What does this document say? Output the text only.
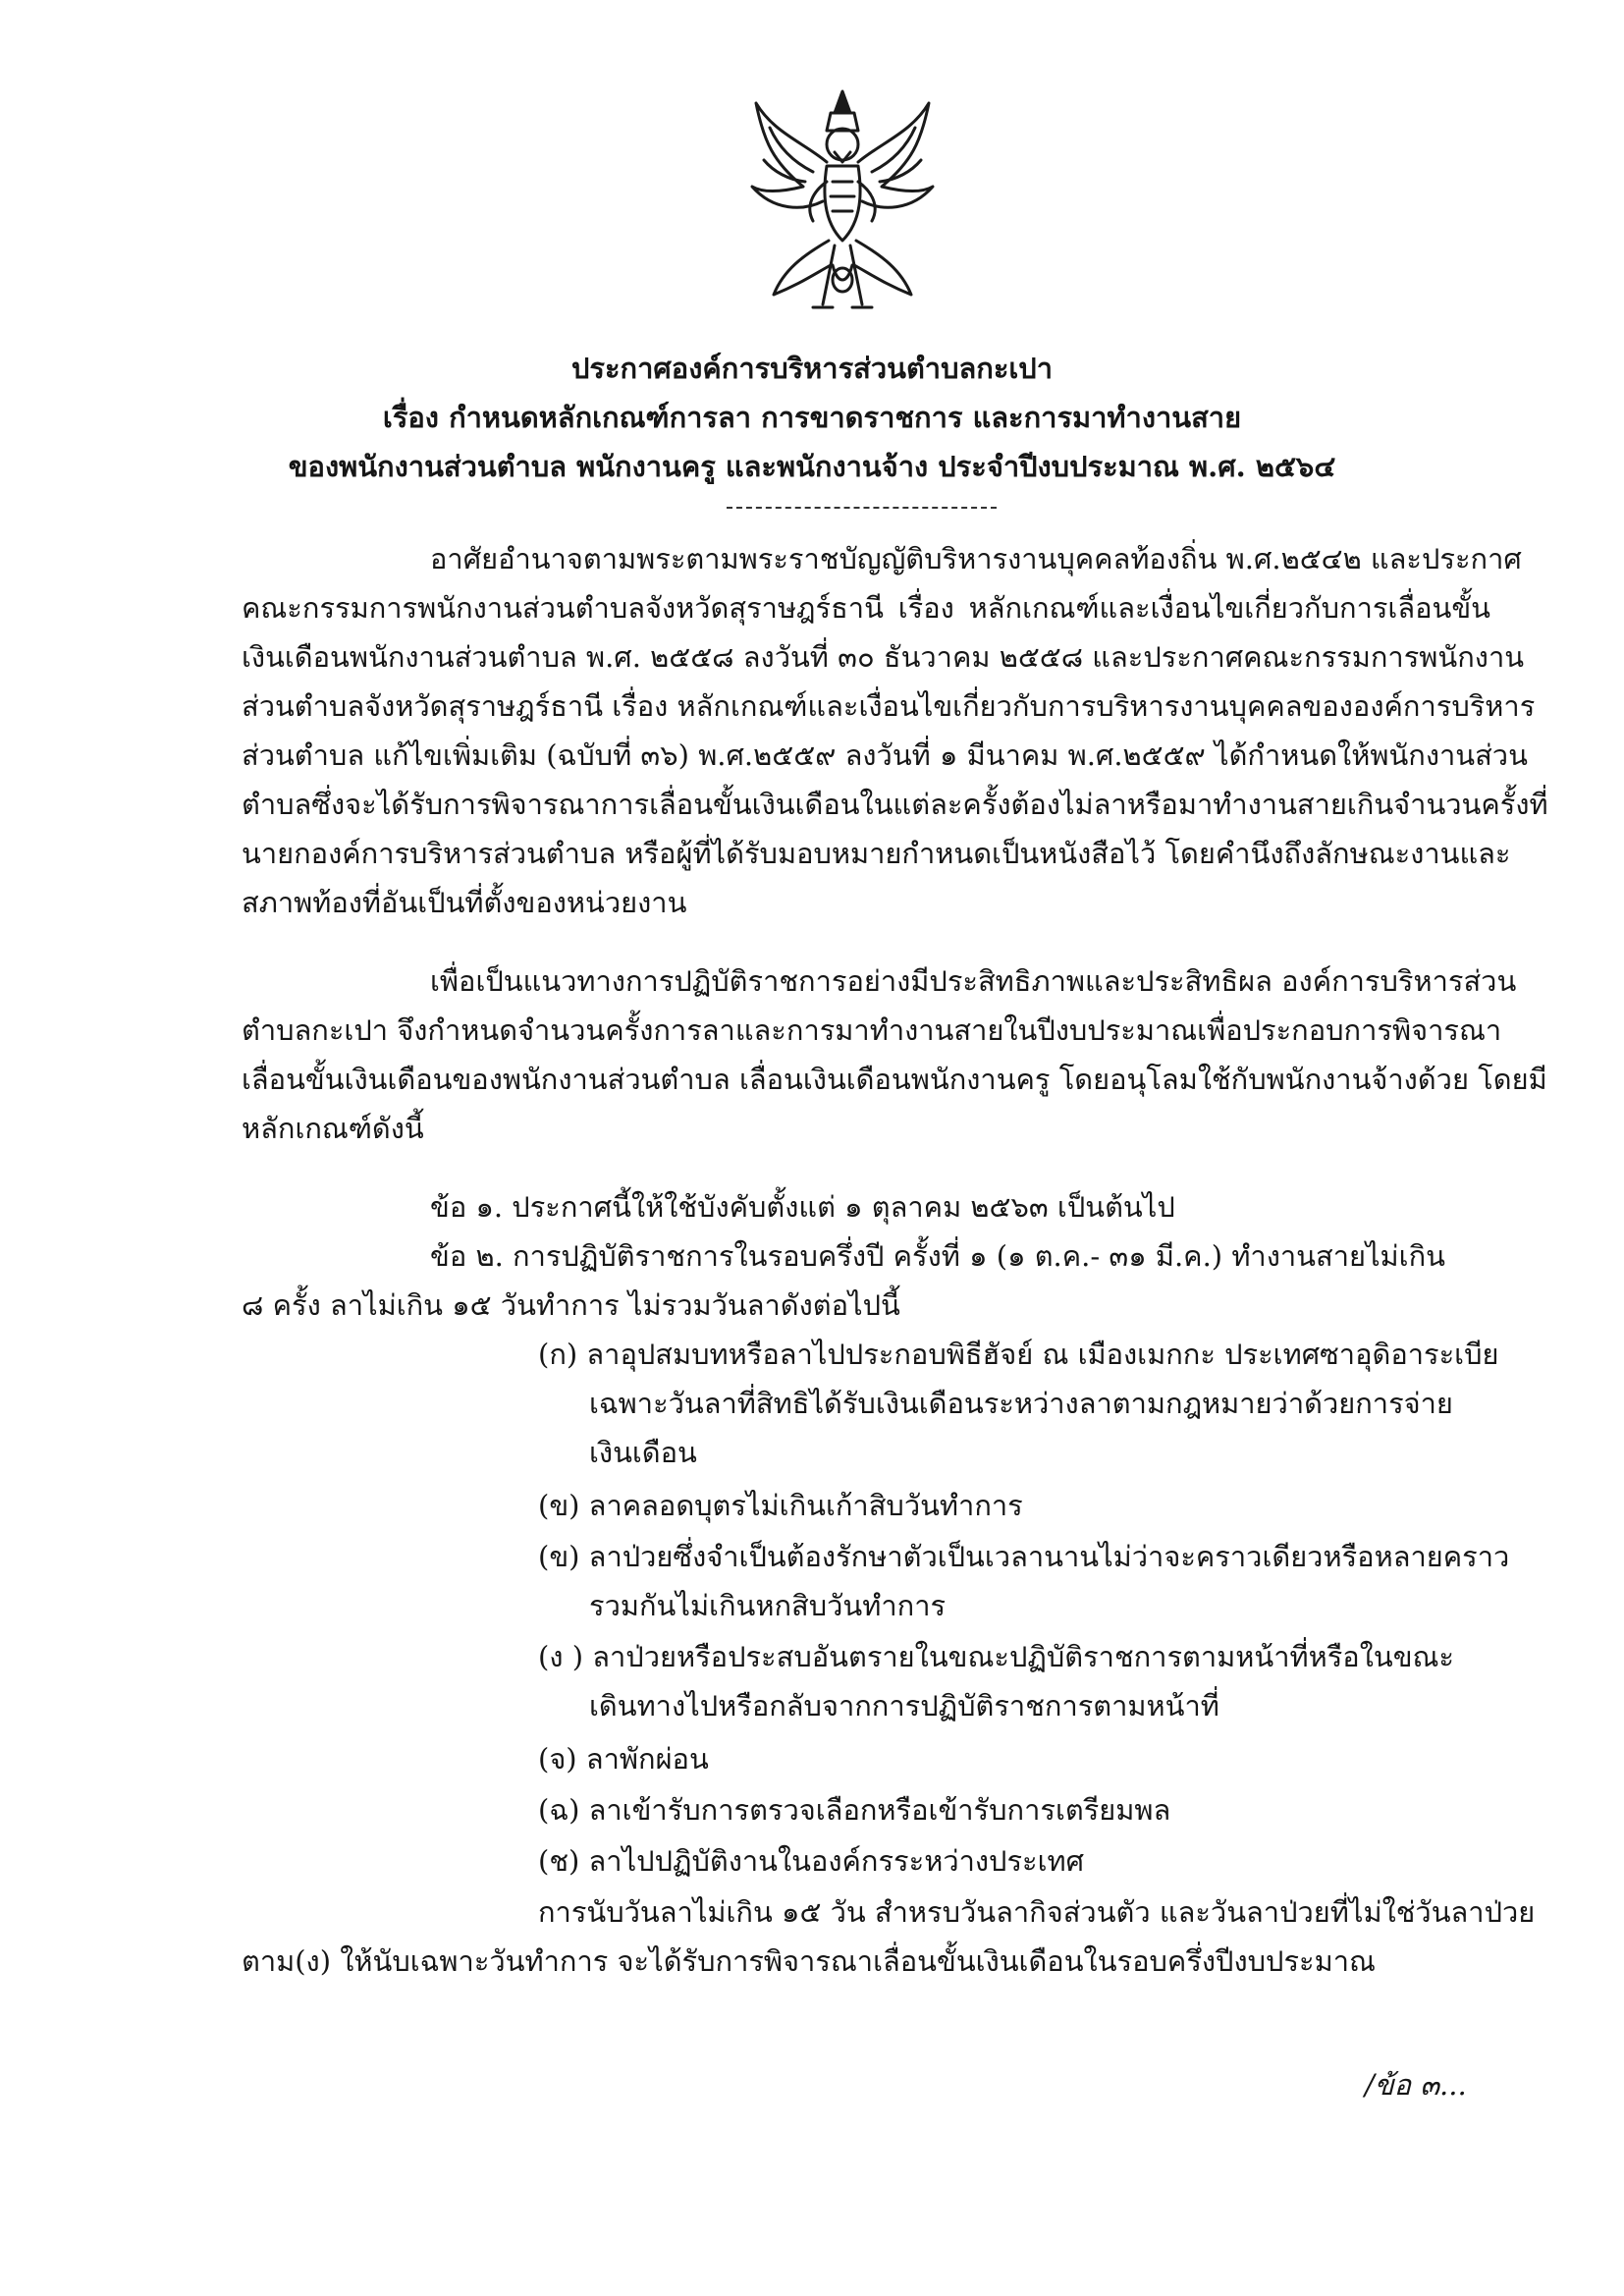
ประกาศองค์การบริหารส่วนตำบลกะเปา
เรื่อง กำหนดหลักเกณฑ์การลา การขาดราชการ และการมาทำงานสาย
ของพนักงานส่วนตำบล พนักงานครู และพนักงานจ้าง ประจำปีงบประมาณ พ.ศ. ๒๕๖๔
อาศัยอำนาจตามพระตามพระราชบัญญัติบริหารงานบุคคลท้องถิ่น พ.ศ.๒๕๔๒ และประกาศ
คณะกรรมการพนักงานส่วนตำบลจังหวัดสุราษฎร์ธานี เรื่อง หลักเกณฑ์และเงื่อนไขเกี่ยวกับการเลื่อนขั้น
เงินเดือนพนักงานส่วนตำบล พ.ศ. ๒๕๕๘ ลงวันที่ ๓๐ ธันวาคม ๒๕๕๘ และประกาศคณะกรรมการพนักงาน
ส่วนตำบลจังหวัดสุราษฎร์ธานี เรื่อง หลักเกณฑ์และเงื่อนไขเกี่ยวกับการบริหารงานบุคคลขององค์การบริหาร
ส่วนตำบล แก้ไขเพิ่มเติม (ฉบับที่ ๓๖) พ.ศ.๒๕๕๙ ลงวันที่ ๑ มีนาคม พ.ศ.๒๕๕๙ ได้กำหนดให้พนักงานส่วน
ตำบลซึ่งจะได้รับการพิจารณาการเลื่อนขั้นเงินเดือนในแต่ละครั้งต้องไม่ลาหรือมาทำงานสายเกินจำนวนครั้งที่
นายกองค์การบริหารส่วนตำบล หรือผู้ที่ได้รับมอบหมายกำหนดเป็นหนังสือไว้ โดยคำนึงถึงลักษณะงานและ
สภาพท้องที่อันเป็นที่ตั้งของหน่วยงาน
เพื่อเป็นแนวทางการปฏิบัติราชการอย่างมีประสิทธิภาพและประสิทธิผล องค์การบริหารส่วน
ตำบลกะเปา จึงกำหนดจำนวนครั้งการลาและการมาทำงานสายในปีงบประมาณเพื่อประกอบการพิจารณา
เลื่อนขั้นเงินเดือนของพนักงานส่วนตำบล เลื่อนเงินเดือนพนักงานครู โดยอนุโลมใช้กับพนักงานจ้างด้วย โดยมี
หลักเกณฑ์ดังนี้
ข้อ ๑. ประกาศนี้ให้ใช้บังคับตั้งแต่ ๑ ตุลาคม ๒๕๖๓ เป็นต้นไป
ข้อ ๒. การปฏิบัติราชการในรอบครึ่งปี ครั้งที่ ๑ (๑ ต.ค.- ๓๑ มี.ค.) ทำงานสายไม่เกิน
๘ ครั้ง ลาไม่เกิน ๑๕ วันทำการ ไม่รวมวันลาดังต่อไปนี้
(ก) ลาอุปสมบทหรือลาไปประกอบพิธีฮัจย์ ณ เมืองเมกกะ ประเทศซาอุดิอาระเบีย
เฉพาะวันลาที่สิทธิได้รับเงินเดือนระหว่างลาตามกฎหมายว่าด้วยการจ่าย
เงินเดือน
(ข) ลาคลอดบุตรไม่เกินเก้าสิบวันทำการ
(ข) ลาป่วยซึ่งจำเป็นต้องรักษาตัวเป็นเวลานานไม่ว่าจะคราวเดียวหรือหลายคราว
รวมกันไม่เกินหกสิบวันทำการ
(ง ) ลาป่วยหรือประสบอันตรายในขณะปฏิบัติราชการตามหน้าที่หรือในขณะ
เดินทางไปหรือกลับจากการปฏิบัติราชการตามหน้าที่
(จ) ลาพักผ่อน
(ฉ) ลาเข้ารับการตรวจเลือกหรือเข้ารับการเตรียมพล
(ช) ลาไปปฏิบัติงานในองค์กรระหว่างประเทศ
การนับวันลาไม่เกิน ๑๕ วัน สำหรบวันลากิจส่วนตัว และวันลาป่วยที่ไม่ใช่วันลาป่วย
ตาม(ง) ให้นับเฉพาะวันทำการ จะได้รับการพิจารณาเลื่อนขั้นเงินเดือนในรอบครึ่งปีงบประมาณ
/ข้อ ๓...
